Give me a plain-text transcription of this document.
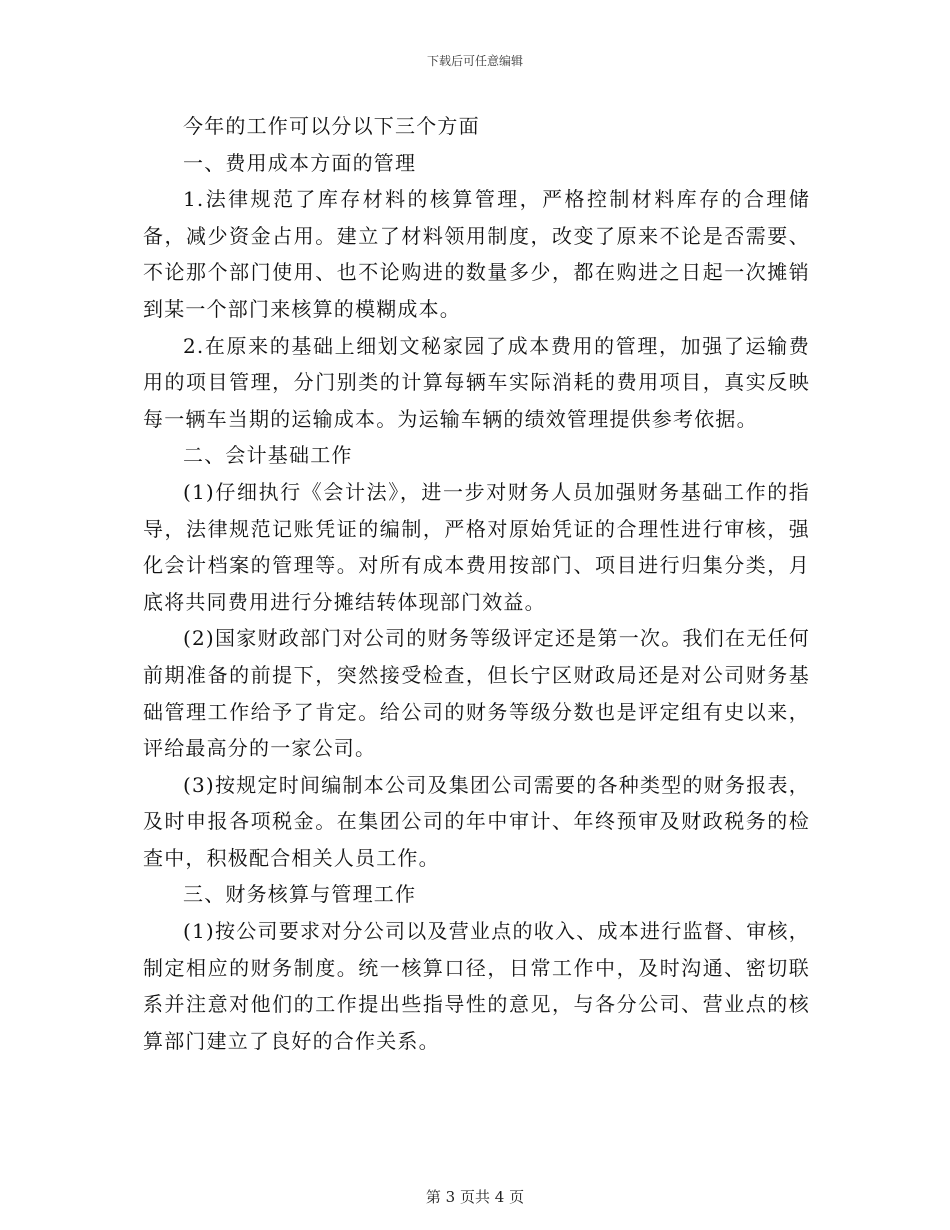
下载后可任意编辑

今年的工作可以分以下三个方面

一、费用成本方面的管理

1.法律规范了库存材料的核算管理，严格控制材料库存的合理储备，减少资金占用。建立了材料领用制度，改变了原来不论是否需要、不论那个部门使用、也不论购进的数量多少，都在购进之日起一次摊销到某一个部门来核算的模糊成本。

2.在原来的基础上细划文秘家园了成本费用的管理，加强了运输费用的项目管理，分门别类的计算每辆车实际消耗的费用项目，真实反映每一辆车当期的运输成本。为运输车辆的绩效管理提供参考依据。

二、会计基础工作

(1)仔细执行《会计法》，进一步对财务人员加强财务基础工作的指导，法律规范记账凭证的编制，严格对原始凭证的合理性进行审核，强化会计档案的管理等。对所有成本费用按部门、项目进行归集分类，月底将共同费用进行分摊结转体现部门效益。

(2)国家财政部门对公司的财务等级评定还是第一次。我们在无任何前期准备的前提下，突然接受检查，但长宁区财政局还是对公司财务基础管理工作给予了肯定。给公司的财务等级分数也是评定组有史以来，评给最高分的一家公司。

(3)按规定时间编制本公司及集团公司需要的各种类型的财务报表，及时申报各项税金。在集团公司的年中审计、年终预审及财政税务的检查中，积极配合相关人员工作。

三、财务核算与管理工作

(1)按公司要求对分公司以及营业点的收入、成本进行监督、审核，制定相应的财务制度。统一核算口径，日常工作中，及时沟通、密切联系并注意对他们的工作提出些指导性的意见，与各分公司、营业点的核算部门建立了良好的合作关系。

第 3 页共 4 页
